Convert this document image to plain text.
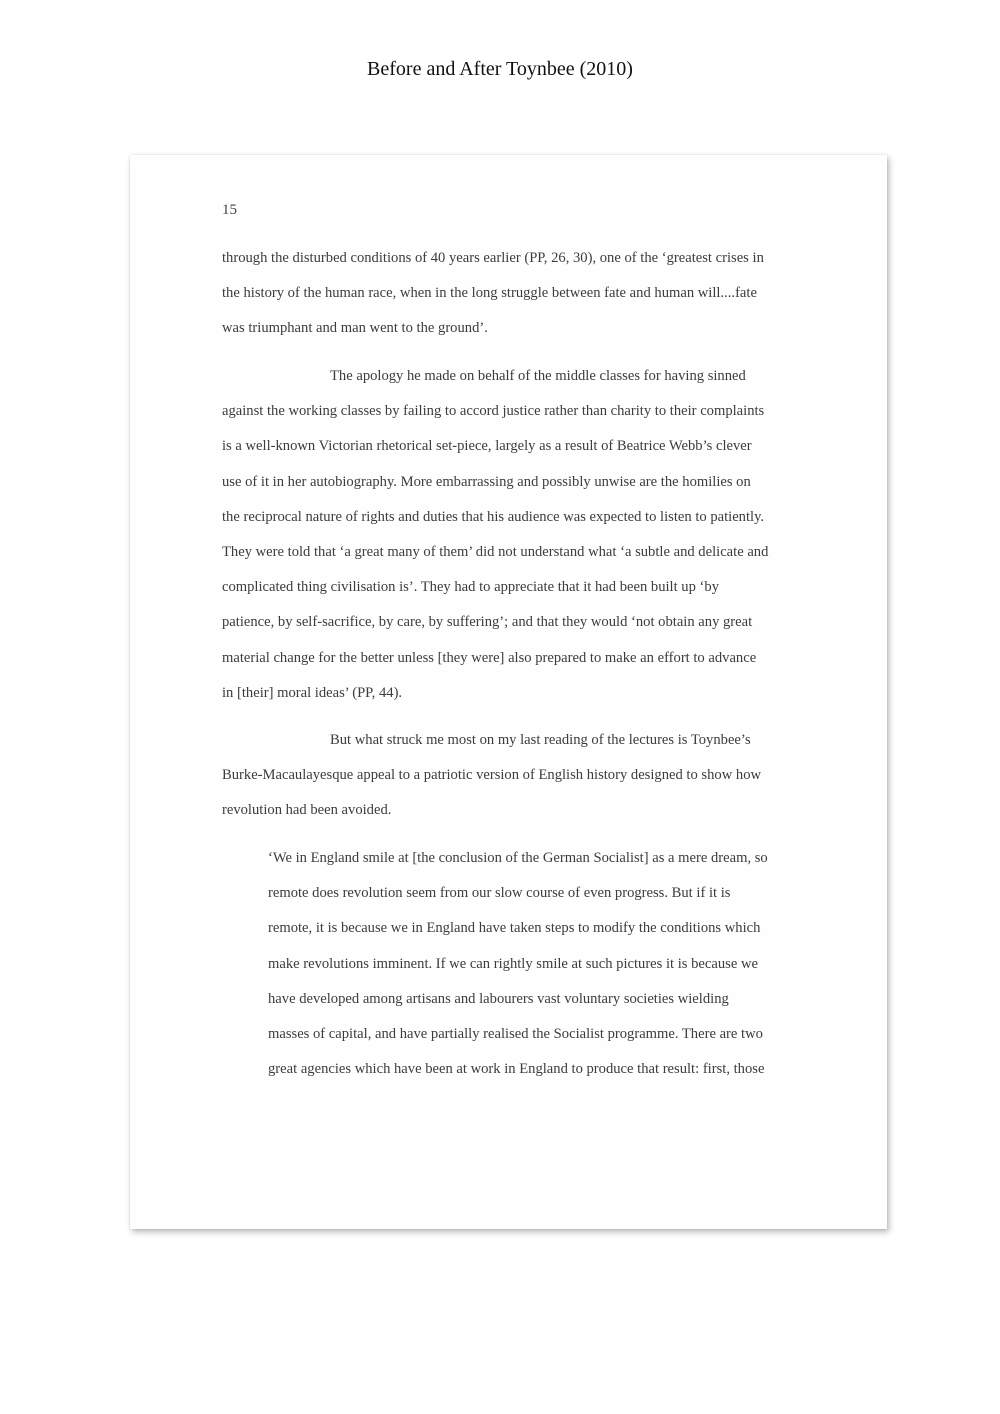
Before and After Toynbee (2010)
15
through the disturbed conditions of 40 years earlier (PP, 26, 30), one of the ‘greatest crises in
the history of the human race, when in the long struggle between fate and human will....fate
was triumphant and man went to the ground’.
The apology he made on behalf of the middle classes for having sinned
against the working classes by failing to accord justice rather than charity to their complaints
is a well-known Victorian rhetorical set-piece, largely as a result of Beatrice Webb’s clever
use of it in her autobiography. More embarrassing and possibly unwise are the homilies on
the reciprocal nature of rights and duties that his audience was expected to listen to patiently.
They were told that ‘a great many of them’ did not understand what ‘a subtle and delicate and
complicated thing civilisation is’. They had to appreciate that it had been built up ‘by
patience, by self-sacrifice, by care, by suffering’; and that they would ‘not obtain any great
material change for the better unless [they were] also prepared to make an effort to advance
in [their] moral ideas’ (PP, 44).
But what struck me most on my last reading of the lectures is Toynbee’s
Burke-Macaulayesque appeal to a patriotic version of English history designed to show how
revolution had been avoided.
‘We in England smile at [the conclusion of the German Socialist] as a mere dream, so
remote does revolution seem from our slow course of even progress. But if it is
remote, it is because we in England have taken steps to modify the conditions which
make revolutions imminent. If we can rightly smile at such pictures it is because we
have developed among artisans and labourers vast voluntary societies wielding
masses of capital, and have partially realised the Socialist programme. There are two
great agencies which have been at work in England to produce that result: first, those
